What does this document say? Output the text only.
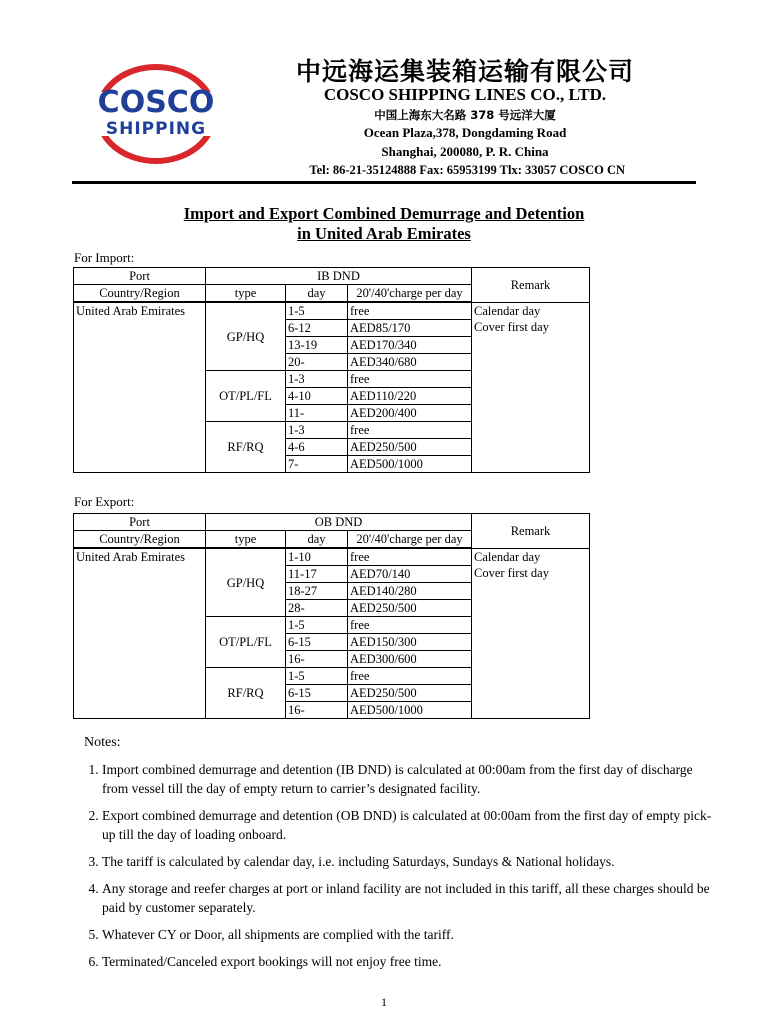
COSCO
SHIPPING
中远海运集装箱运输有限公司
COSCO SHIPPING LINES CO., LTD.
中国上海东大名路 378 号远洋大厦
Ocean Plaza,378, Dongdaming Road
Shanghai, 200080, P. R. China
Tel: 86-21-35124888 Fax: 65953199 Tlx: 33057 COSCO CN
Import and Export Combined Demurrage and Detention
in United Arab Emirates
For Import:
Port	IB DND			Remark
Country/Region	type	day	20'/40'charge per day	
United Arab Emirates	GP/HQ	1-5	free	Calendar day
Cover first day

		6-12	AED85/170	
		13-19	AED170/340	
		20-	AED340/680	
	OT/PL/FL	1-3	free	
		4-10	AED110/220	
		11-	AED200/400	
	RF/RQ	1-3	free	
		4-6	AED250/500	
		7-	AED500/1000	
For Export:
Port	OB DND			Remark
Country/Region	type	day	20'/40'charge per day	
United Arab Emirates	GP/HQ	1-10	free	Calendar day
Cover first day

		11-17	AED70/140	
		18-27	AED140/280	
		28-	AED250/500	
	OT/PL/FL	1-5	free	
		6-15	AED150/300	
		16-	AED300/600	
	RF/RQ	1-5	free	
		6-15	AED250/500	
		16-	AED500/1000	
Notes:
1. Import combined demurrage and detention (IB DND) is calculated at 00:00am from the first day of discharge from vessel till the day of empty return to carrier’s designated facility.
2. Export combined demurrage and detention (OB DND) is calculated at 00:00am from the first day of empty pick-up till the day of loading onboard.
3. The tariff is calculated by calendar day, i.e. including Saturdays, Sundays & National holidays.
4. Any storage and reefer charges at port or inland facility are not included in this tariff, all these charges should be paid by customer separately.
5. Whatever CY or Door, all shipments are complied with the tariff.
6. Terminated/Canceled export bookings will not enjoy free time.
1
